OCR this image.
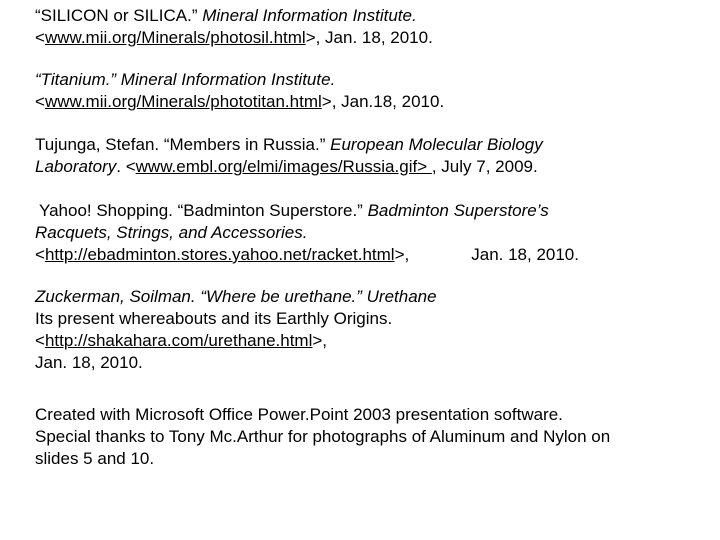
“SILICON or SILICA.” Mineral Information Institute.
<www.mii.org/Minerals/photosil.html>, Jan. 18, 2010.
“Titanium.” Mineral Information Institute.
<www.mii.org/Minerals/phototitan.html>, Jan.18, 2010.
Tujunga, Stefan. “Members in Russia.” European Molecular Biology
Laboratory. <www.embl.org/elmi/images/Russia.gif> , July 7, 2009.
Yahoo! Shopping. “Badminton Superstore.” Badminton Superstore’s
Racquets, Strings, and Accessories.
<http://ebadminton.stores.yahoo.net/racket.html>,	Jan. 18, 2010.
Zuckerman, Soilman. “Where be urethane.” Urethane
Its present whereabouts and its Earthly Origins.
<http://shakahara.com/urethane.html>,
Jan. 18, 2010.
Created with Microsoft Office Power.Point 2003 presentation software.
Special thanks to Tony Mc.Arthur for photographs of Aluminum and Nylon on
slides 5 and 10.
